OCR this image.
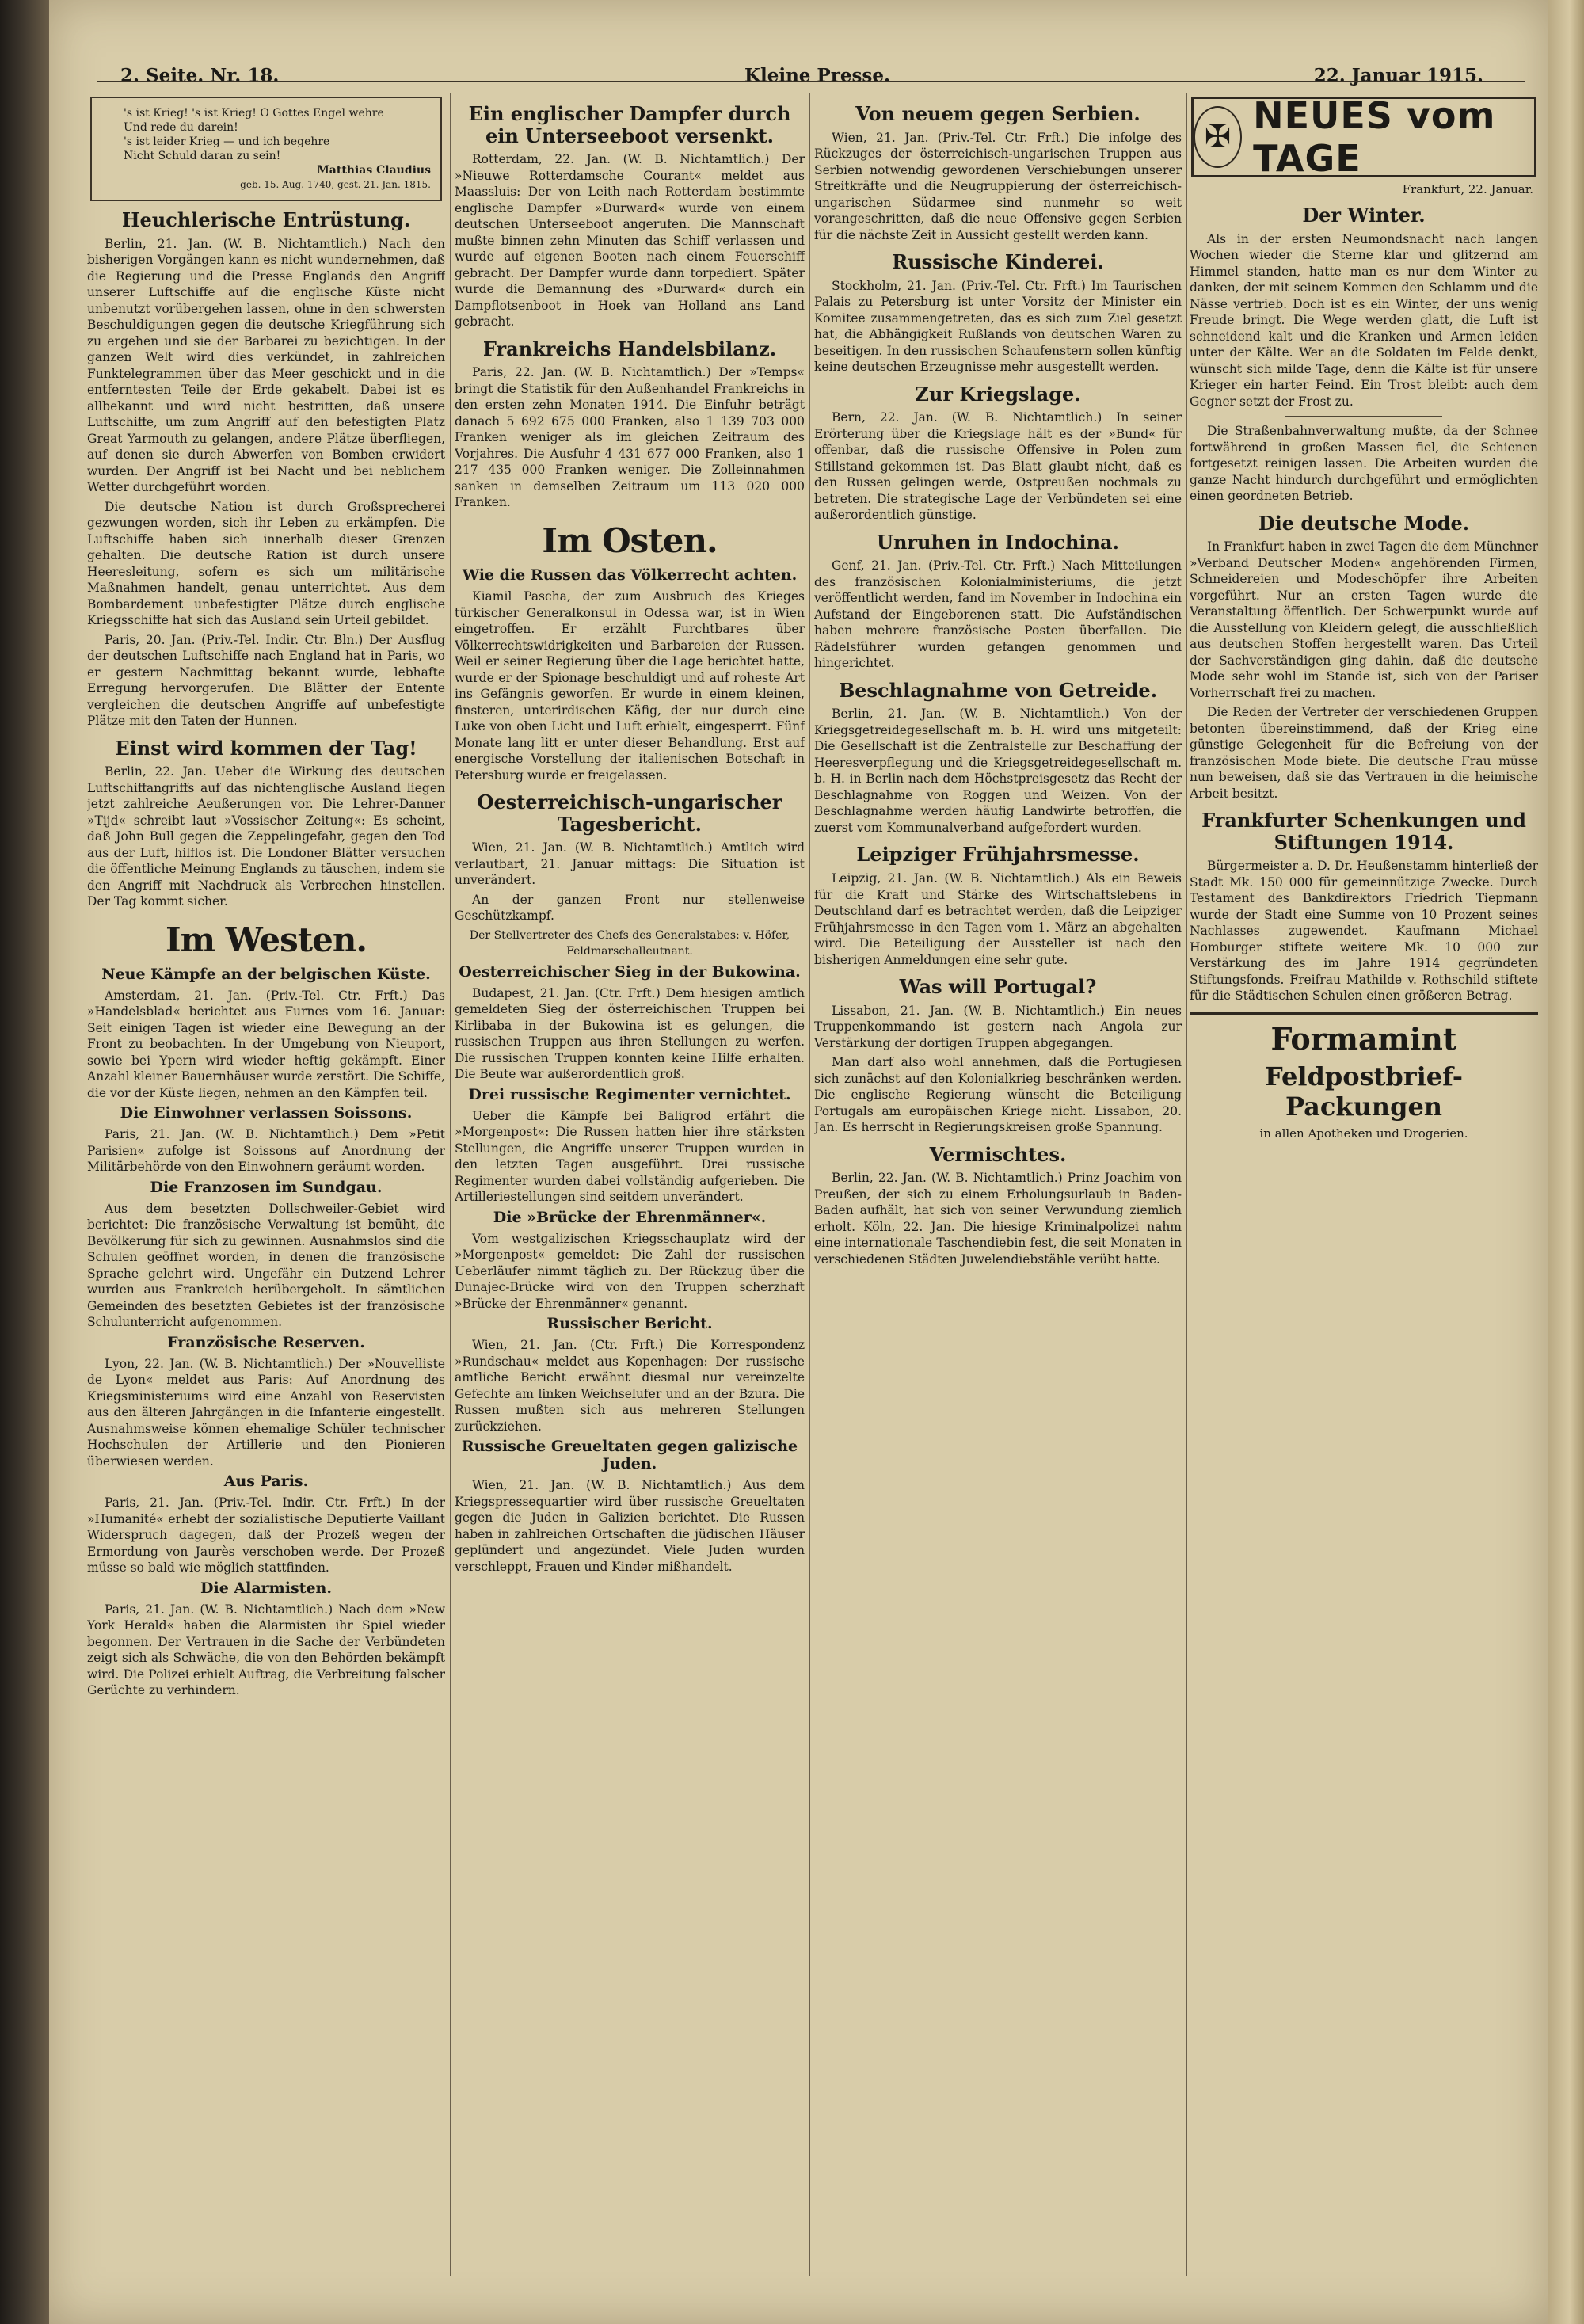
2. Seite. Nr. 18.	Kleine Presse.	22. Januar 1915.
's ist Krieg! 's ist Krieg! O Gottes Engel wehre
Und rede du darein!
's ist leider Krieg — und ich begehre
Nicht Schuld daran zu sein!
Matthias Claudius
geb. 15. Aug. 1740, gest. 21. Jan. 1815.
Heuchlerische Entrüstung.

Berlin, 21. Jan. (W. B. Nichtamtlich.) Nach den bisherigen Vorgängen kann es nicht wundernehmen, daß die Regierung und die Presse Englands den Angriff unserer Luftschiffe auf die englische Küste nicht unbenutzt vorübergehen lassen, ohne in den schwersten Beschuldigungen gegen die deutsche Kriegführung sich zu ergehen und sie der Barbarei zu bezichtigen. In der ganzen Welt wird dies verkündet, in zahlreichen Funktelegrammen über das Meer geschickt und in die entferntesten Teile der Erde gekabelt. Dabei ist es allbekannt und wird nicht bestritten, daß unsere Luftschiffe, um zum Angriff auf den befestigten Platz Great Yarmouth zu gelangen, andere Plätze überfliegen, auf denen sie durch Abwerfen von Bomben erwidert wurden. Der Angriff ist bei Nacht und bei neblichem Wetter durchgeführt worden.

Die deutsche Nation ist durch Großsprecherei gezwungen worden, sich ihr Leben zu erkämpfen. Die Luftschiffe haben sich innerhalb dieser Grenzen gehalten. Die deutsche Ration ist durch unsere Heeresleitung, sofern es sich um militärische Maßnahmen handelt, genau unterrichtet. Aus dem Bombardement unbefestigter Plätze durch englische Kriegsschiffe hat sich das Ausland sein Urteil gebildet.

Paris, 20. Jan. (Priv.-Tel. Indir. Ctr. Bln.) Der Ausflug der deutschen Luftschiffe nach England hat in Paris, wo er gestern Nachmittag bekannt wurde, lebhafte Erregung hervorgerufen. Die Blätter der Entente vergleichen die deutschen Angriffe auf unbefestigte Plätze mit den Taten der Hunnen.

Einst wird kommen der Tag!

Berlin, 22. Jan. Ueber die Wirkung des deutschen Luftschiffangriffs auf das nichtenglische Ausland liegen jetzt zahlreiche Aeußerungen vor. Die Lehrer-Danner »Tijd« schreibt laut »Vossischer Zeitung«: Es scheint, daß John Bull gegen die Zeppelingefahr, gegen den Tod aus der Luft, hilflos ist. Die Londoner Blätter versuchen die öffentliche Meinung Englands zu täuschen, indem sie den Angriff mit Nachdruck als Verbrechen hinstellen. Der Tag kommt sicher.

Im Westen.
Neue Kämpfe an der belgischen Küste.

Amsterdam, 21. Jan. (Priv.-Tel. Ctr. Frft.) Das »Handelsblad« berichtet aus Furnes vom 16. Januar: Seit einigen Tagen ist wieder eine Bewegung an der Front zu beobachten. In der Umgebung von Nieuport, sowie bei Ypern wird wieder heftig gekämpft. Einer Anzahl kleiner Bauernhäuser wurde zerstört. Die Schiffe, die vor der Küste liegen, nehmen an den Kämpfen teil.

Die Einwohner verlassen Soissons.

Paris, 21. Jan. (W. B. Nichtamtlich.) Dem »Petit Parisien« zufolge ist Soissons auf Anordnung der Militärbehörde von den Einwohnern geräumt worden.

Die Franzosen im Sundgau.

Aus dem besetzten Dollschweiler-Gebiet wird berichtet: Die französische Verwaltung ist bemüht, die Bevölkerung für sich zu gewinnen. Ausnahmslos sind die Schulen geöffnet worden, in denen die französische Sprache gelehrt wird. Ungefähr ein Dutzend Lehrer wurden aus Frankreich herübergeholt. In sämtlichen Gemeinden des besetzten Gebietes ist der französische Schulunterricht aufgenommen.

Französische Reserven.

Lyon, 22. Jan. (W. B. Nichtamtlich.) Der »Nouvelliste de Lyon« meldet aus Paris: Auf Anordnung des Kriegsministeriums wird eine Anzahl von Reservisten aus den älteren Jahrgängen in die Infanterie eingestellt. Ausnahmsweise können ehemalige Schüler technischer Hochschulen der Artillerie und den Pionieren überwiesen werden.

Aus Paris.

Paris, 21. Jan. (Priv.-Tel. Indir. Ctr. Frft.) In der »Humanité« erhebt der sozialistische Deputierte Vaillant Widerspruch dagegen, daß der Prozeß wegen der Ermordung von Jaurès verschoben werde. Der Prozeß müsse so bald wie möglich stattfinden.

Die Alarmisten.

Paris, 21. Jan. (W. B. Nichtamtlich.) Nach dem »New York Herald« haben die Alarmisten ihr Spiel wieder begonnen. Der Vertrauen in die Sache der Verbündeten zeigt sich als Schwäche, die von den Behörden bekämpft wird. Die Polizei erhielt Auftrag, die Verbreitung falscher Gerüchte zu verhindern.

Ein englischer Dampfer durch ein Unterseeboot versenkt.

Rotterdam, 22. Jan. (W. B. Nichtamtlich.) Der »Nieuwe Rotterdamsche Courant« meldet aus Maassluis: Der von Leith nach Rotterdam bestimmte englische Dampfer »Durward« wurde von einem deutschen Unterseeboot angerufen. Die Mannschaft mußte binnen zehn Minuten das Schiff verlassen und wurde auf eigenen Booten nach einem Feuerschiff gebracht. Der Dampfer wurde dann torpediert. Später wurde die Bemannung des »Durward« durch ein Dampflotsenboot in Hoek van Holland ans Land gebracht.

Frankreichs Handelsbilanz.

Paris, 22. Jan. (W. B. Nichtamtlich.) Der »Temps« bringt die Statistik für den Außenhandel Frankreichs in den ersten zehn Monaten 1914. Die Einfuhr beträgt danach 5 692 675 000 Franken, also 1 139 703 000 Franken weniger als im gleichen Zeitraum des Vorjahres. Die Ausfuhr 4 431 677 000 Franken, also 1 217 435 000 Franken weniger. Die Zolleinnahmen sanken in demselben Zeitraum um 113 020 000 Franken.

Im Osten.
Wie die Russen das Völkerrecht achten.

Kiamil Pascha, der zum Ausbruch des Krieges türkischer Generalkonsul in Odessa war, ist in Wien eingetroffen. Er erzählt Furchtbares über Völkerrechtswidrigkeiten und Barbareien der Russen. Weil er seiner Regierung über die Lage berichtet hatte, wurde er der Spionage beschuldigt und auf roheste Art ins Gefängnis geworfen. Er wurde in einem kleinen, finsteren, unterirdischen Käfig, der nur durch eine Luke von oben Licht und Luft erhielt, eingesperrt. Fünf Monate lang litt er unter dieser Behandlung. Erst auf energische Vorstellung der italienischen Botschaft in Petersburg wurde er freigelassen.

Oesterreichisch-ungarischer Tagesbericht.

Wien, 21. Jan. (W. B. Nichtamtlich.) Amtlich wird verlautbart, 21. Januar mittags: Die Situation ist unverändert.

An der ganzen Front nur stellenweise Geschützkampf.

Der Stellvertreter des Chefs des Generalstabes: v. Höfer, Feldmarschalleutnant.

Oesterreichischer Sieg in der Bukowina.

Budapest, 21. Jan. (Ctr. Frft.) Dem hiesigen amtlich gemeldeten Sieg der österreichischen Truppen bei Kirlibaba in der Bukowina ist es gelungen, die russischen Truppen aus ihren Stellungen zu werfen. Die russischen Truppen konnten keine Hilfe erhalten. Die Beute war außerordentlich groß.

Drei russische Regimenter vernichtet.

Ueber die Kämpfe bei Baligrod erfährt die »Morgenpost«: Die Russen hatten hier ihre stärksten Stellungen, die Angriffe unserer Truppen wurden in den letzten Tagen ausgeführt. Drei russische Regimenter wurden dabei vollständig aufgerieben. Die Artilleriestellungen sind seitdem unverändert.

Die »Brücke der Ehrenmänner«.

Vom westgalizischen Kriegsschauplatz wird der »Morgenpost« gemeldet: Die Zahl der russischen Ueberläufer nimmt täglich zu. Der Rückzug über die Dunajec-Brücke wird von den Truppen scherzhaft »Brücke der Ehrenmänner« genannt.

Russischer Bericht.

Wien, 21. Jan. (Ctr. Frft.) Die Korrespondenz »Rundschau« meldet aus Kopenhagen: Der russische amtliche Bericht erwähnt diesmal nur vereinzelte Gefechte am linken Weichselufer und an der Bzura. Die Russen mußten sich aus mehreren Stellungen zurückziehen.

Russische Greueltaten gegen galizische Juden.

Wien, 21. Jan. (W. B. Nichtamtlich.) Aus dem Kriegspressequartier wird über russische Greueltaten gegen die Juden in Galizien berichtet. Die Russen haben in zahlreichen Ortschaften die jüdischen Häuser geplündert und angezündet. Viele Juden wurden verschleppt, Frauen und Kinder mißhandelt.

Von neuem gegen Serbien.

Wien, 21. Jan. (Priv.-Tel. Ctr. Frft.) Die infolge des Rückzuges der österreichisch-ungarischen Truppen aus Serbien notwendig gewordenen Verschiebungen unserer Streitkräfte und die Neugruppierung der österreichisch-ungarischen Südarmee sind nunmehr so weit vorangeschritten, daß die neue Offensive gegen Serbien für die nächste Zeit in Aussicht gestellt werden kann.

Russische Kinderei.

Stockholm, 21. Jan. (Priv.-Tel. Ctr. Frft.) Im Taurischen Palais zu Petersburg ist unter Vorsitz der Minister ein Komitee zusammengetreten, das es sich zum Ziel gesetzt hat, die Abhängigkeit Rußlands von deutschen Waren zu beseitigen. In den russischen Schaufenstern sollen künftig keine deutschen Erzeugnisse mehr ausgestellt werden.

Zur Kriegslage.

Bern, 22. Jan. (W. B. Nichtamtlich.) In seiner Erörterung über die Kriegslage hält es der »Bund« für offenbar, daß die russische Offensive in Polen zum Stillstand gekommen ist. Das Blatt glaubt nicht, daß es den Russen gelingen werde, Ostpreußen nochmals zu betreten. Die strategische Lage der Verbündeten sei eine außerordentlich günstige.

Unruhen in Indochina.

Genf, 21. Jan. (Priv.-Tel. Ctr. Frft.) Nach Mitteilungen des französischen Kolonialministeriums, die jetzt veröffentlicht werden, fand im November in Indochina ein Aufstand der Eingeborenen statt. Die Aufständischen haben mehrere französische Posten überfallen. Die Rädelsführer wurden gefangen genommen und hingerichtet.

Beschlagnahme von Getreide.

Berlin, 21. Jan. (W. B. Nichtamtlich.) Von der Kriegsgetreidegesellschaft m. b. H. wird uns mitgeteilt: Die Gesellschaft ist die Zentralstelle zur Beschaffung der Heeresverpflegung und die Kriegsgetreidegesellschaft m. b. H. in Berlin nach dem Höchstpreisgesetz das Recht der Beschlagnahme von Roggen und Weizen. Von der Beschlagnahme werden häufig Landwirte betroffen, die zuerst vom Kommunalverband aufgefordert wurden.

Leipziger Frühjahrsmesse.

Leipzig, 21. Jan. (W. B. Nichtamtlich.) Als ein Beweis für die Kraft und Stärke des Wirtschaftslebens in Deutschland darf es betrachtet werden, daß die Leipziger Frühjahrsmesse in den Tagen vom 1. März an abgehalten wird. Die Beteiligung der Aussteller ist nach den bisherigen Anmeldungen eine sehr gute.

Was will Portugal?

Lissabon, 21. Jan. (W. B. Nichtamtlich.) Ein neues Truppenkommando ist gestern nach Angola zur Verstärkung der dortigen Truppen abgegangen.

Man darf also wohl annehmen, daß die Portugiesen sich zunächst auf den Kolonialkrieg beschränken werden. Die englische Regierung wünscht die Beteiligung Portugals am europäischen Kriege nicht. Lissabon, 20. Jan. Es herrscht in Regierungskreisen große Spannung.

Vermischtes.

Berlin, 22. Jan. (W. B. Nichtamtlich.) Prinz Joachim von Preußen, der sich zu einem Erholungsurlaub in Baden-Baden aufhält, hat sich von seiner Verwundung ziemlich erholt. Köln, 22. Jan. Die hiesige Kriminalpolizei nahm eine internationale Taschendiebin fest, die seit Monaten in verschiedenen Städten Juwelendiebstähle verübt hatte.

✠ NEUES vom TAGE
Frankfurt, 22. Januar.
Der Winter.

Als in der ersten Neumondsnacht nach langen Wochen wieder die Sterne klar und glitzernd am Himmel standen, hatte man es nur dem Winter zu danken, der mit seinem Kommen den Schlamm und die Nässe vertrieb. Doch ist es ein Winter, der uns wenig Freude bringt. Die Wege werden glatt, die Luft ist schneidend kalt und die Kranken und Armen leiden unter der Kälte. Wer an die Soldaten im Felde denkt, wünscht sich milde Tage, denn die Kälte ist für unsere Krieger ein harter Feind. Ein Trost bleibt: auch dem Gegner setzt der Frost zu.

Die Straßenbahnverwaltung mußte, da der Schnee fortwährend in großen Massen fiel, die Schienen fortgesetzt reinigen lassen. Die Arbeiten wurden die ganze Nacht hindurch durchgeführt und ermöglichten einen geordneten Betrieb.

Die deutsche Mode.

In Frankfurt haben in zwei Tagen die dem Münchner »Verband Deutscher Moden« angehörenden Firmen, Schneidereien und Modeschöpfer ihre Arbeiten vorgeführt. Nur an ersten Tagen wurde die Veranstaltung öffentlich. Der Schwerpunkt wurde auf die Ausstellung von Kleidern gelegt, die ausschließlich aus deutschen Stoffen hergestellt waren. Das Urteil der Sachverständigen ging dahin, daß die deutsche Mode sehr wohl im Stande ist, sich von der Pariser Vorherrschaft frei zu machen.

Die Reden der Vertreter der verschiedenen Gruppen betonten übereinstimmend, daß der Krieg eine günstige Gelegenheit für die Befreiung von der französischen Mode biete. Die deutsche Frau müsse nun beweisen, daß sie das Vertrauen in die heimische Arbeit besitzt.

Frankfurter Schenkungen und Stiftungen 1914.

Bürgermeister a. D. Dr. Heußenstamm hinterließ der Stadt Mk. 150 000 für gemeinnützige Zwecke. Durch Testament des Bankdirektors Friedrich Tiepmann wurde der Stadt eine Summe von 10 Prozent seines Nachlasses zugewendet. Kaufmann Michael Homburger stiftete weitere Mk. 10 000 zur Verstärkung des im Jahre 1914 gegründeten Stiftungsfonds. Freifrau Mathilde v. Rothschild stiftete für die Städtischen Schulen einen größeren Betrag.

Formamint
Feldpostbrief-Packungen
in allen Apotheken und Drogerien.
